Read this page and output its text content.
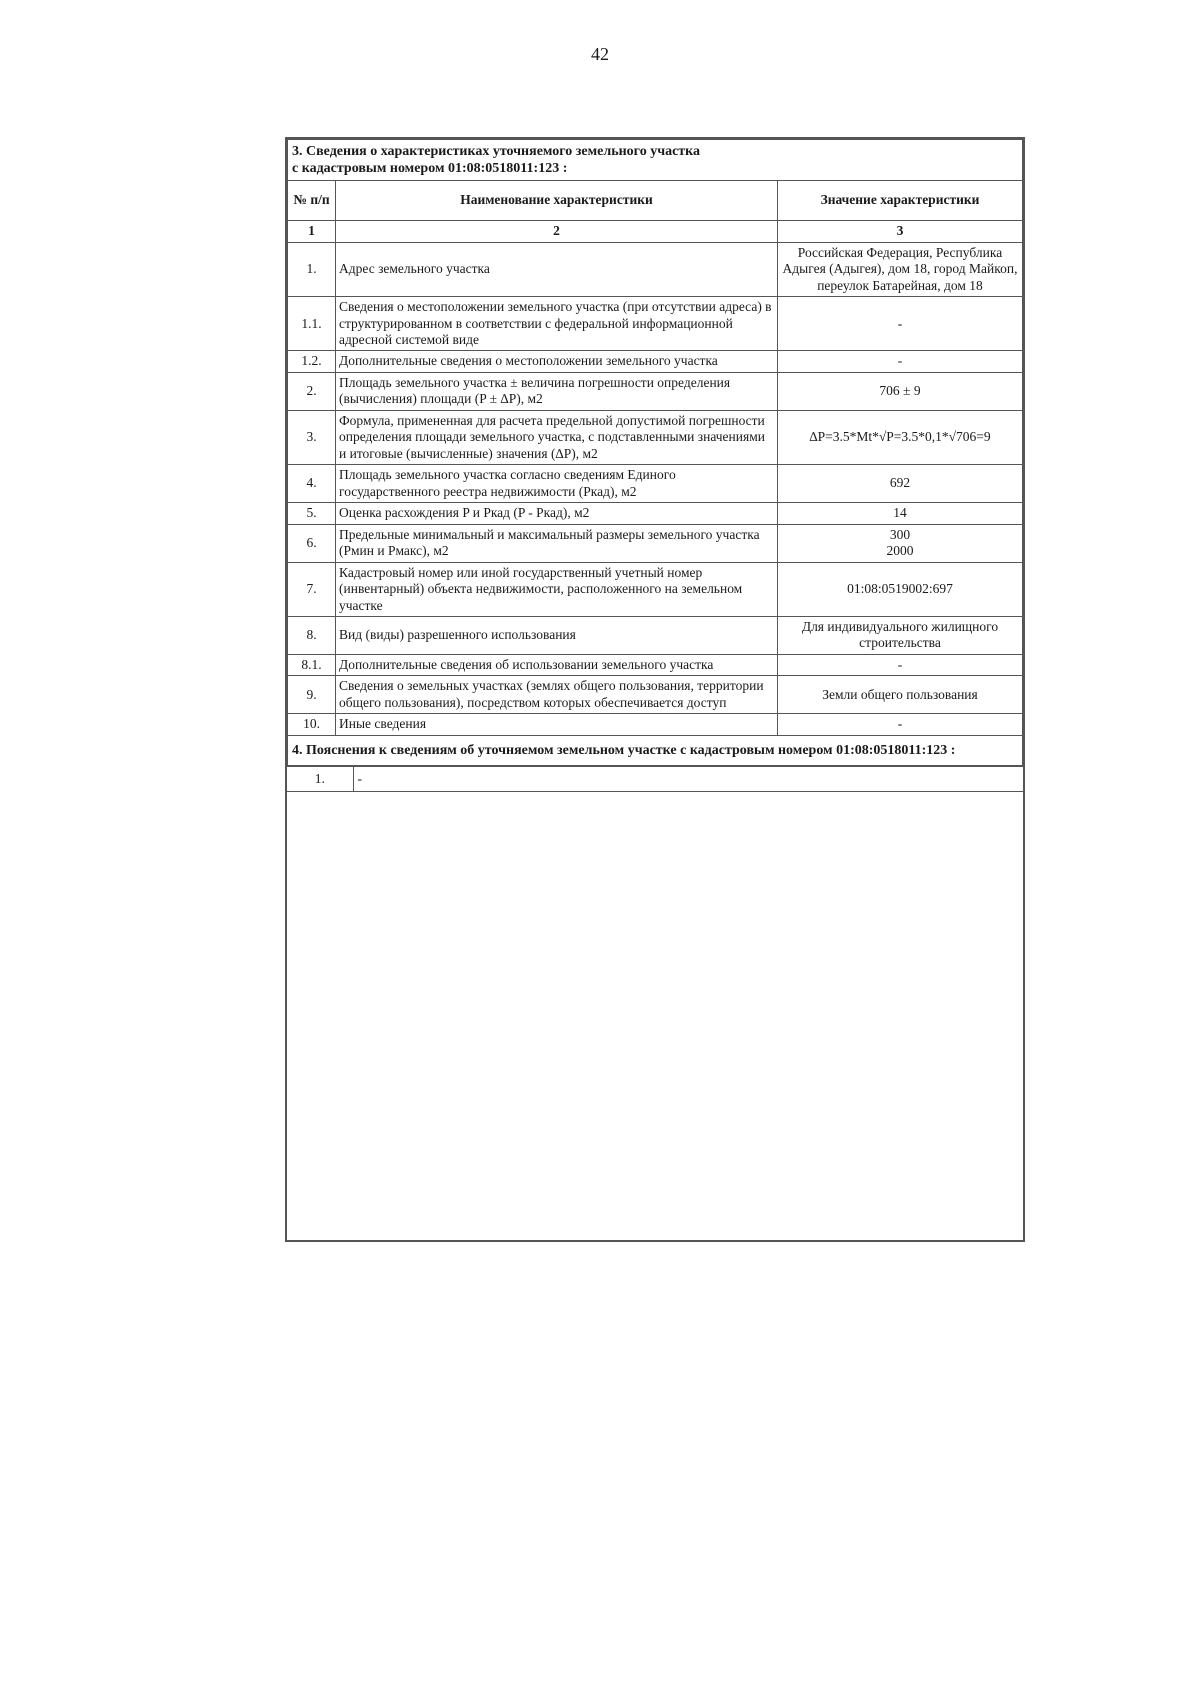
42
3. Сведения о характеристиках уточняемого земельного участка
с кадастровым номером 01:08:0518011:123 :		

№ п/п	Наименование характеристики	Значение характеристики
1	2	3
1.	Адрес земельного участка	Российская Федерация, Республика Адыгея (Адыгея), дом 18, город Майкоп, переулок Батарейная, дом 18
1.1.	Сведения о местоположении земельного участка (при отсутствии адреса) в структурированном в соответствии с федеральной информационной адресной системой виде	-
1.2.	Дополнительные сведения о местоположении земельного участка	-
2.	Площадь земельного участка ± величина погрешности определения (вычисления) площади (P ± ∆P), м2	706 ± 9
3.	Формула, примененная для расчета предельной допустимой погрешности определения площади земельного участка, с подставленными значениями и итоговые (вычисленные) значения (∆P), м2	∆P=3.5*Mt*√P=3.5*0,1*√706=9
4.	Площадь земельного участка согласно сведениям Единого государственного реестра недвижимости (Pкад), м2	692
5.	Оценка расхождения P и Pкад (P - Pкад), м2	14
6.	Предельные минимальный и максимальный размеры земельного участка (Pмин и Pмакс), м2	300
2000
7.	Кадастровый номер или иной государственный учетный номер (инвентарный) объекта недвижимости, расположенного на земельном участке	01:08:0519002:697
8.	Вид (виды) разрешенного использования	Для индивидуального жилищного строительства
8.1.	Дополнительные сведения об использовании земельного участка	-
9.	Сведения о земельных участках (землях общего пользования, территории общего пользования), посредством которых обеспечивается доступ	Земли общего пользования
10.	Иные сведения	-
4. Пояснения к сведениям об уточняемом земельном участке с кадастровым номером 01:08:0518011:123 :		
1.	-
